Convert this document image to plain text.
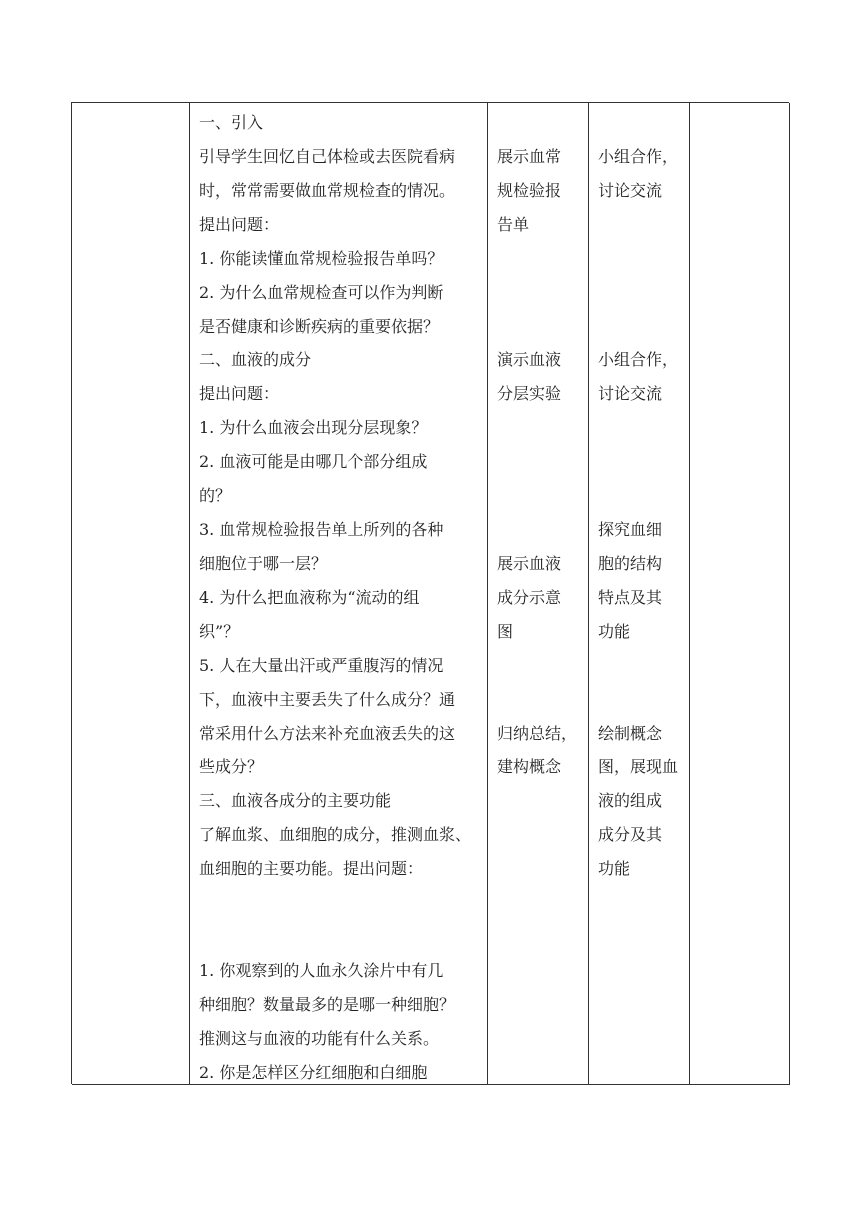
一、引入
引导学生回忆自己体检或去医院看病
时，常常需要做血常规检查的情况。
提出问题：
1. 你能读懂血常规检验报告单吗？
2. 为什么血常规检查可以作为判断
是否健康和诊断疾病的重要依据？
二、血液的成分
提出问题：
1. 为什么血液会出现分层现象？
2. 血液可能是由哪几个部分组成
的？
3. 血常规检验报告单上所列的各种
细胞位于哪一层？
4. 为什么把血液称为“流动的组
织”？
5. 人在大量出汗或严重腹泻的情况
下，血液中主要丢失了什么成分？通
常采用什么方法来补充血液丢失的这
些成分？
三、血液各成分的主要功能
了解血浆、血细胞的成分，推测血浆、
血细胞的主要功能。提出问题：
1. 你观察到的人血永久涂片中有几
种细胞？数量最多的是哪一种细胞？
推测这与血液的功能有什么关系。
2. 你是怎样区分红细胞和白细胞
展示血常
规检验报
告单
演示血液
分层实验
展示血液
成分示意
图
归纳总结，
建构概念
小组合作，
讨论交流
小组合作，
讨论交流
探究血细
胞的结构
特点及其
功能
绘制概念
图，展现血
液的组成
成分及其
功能
